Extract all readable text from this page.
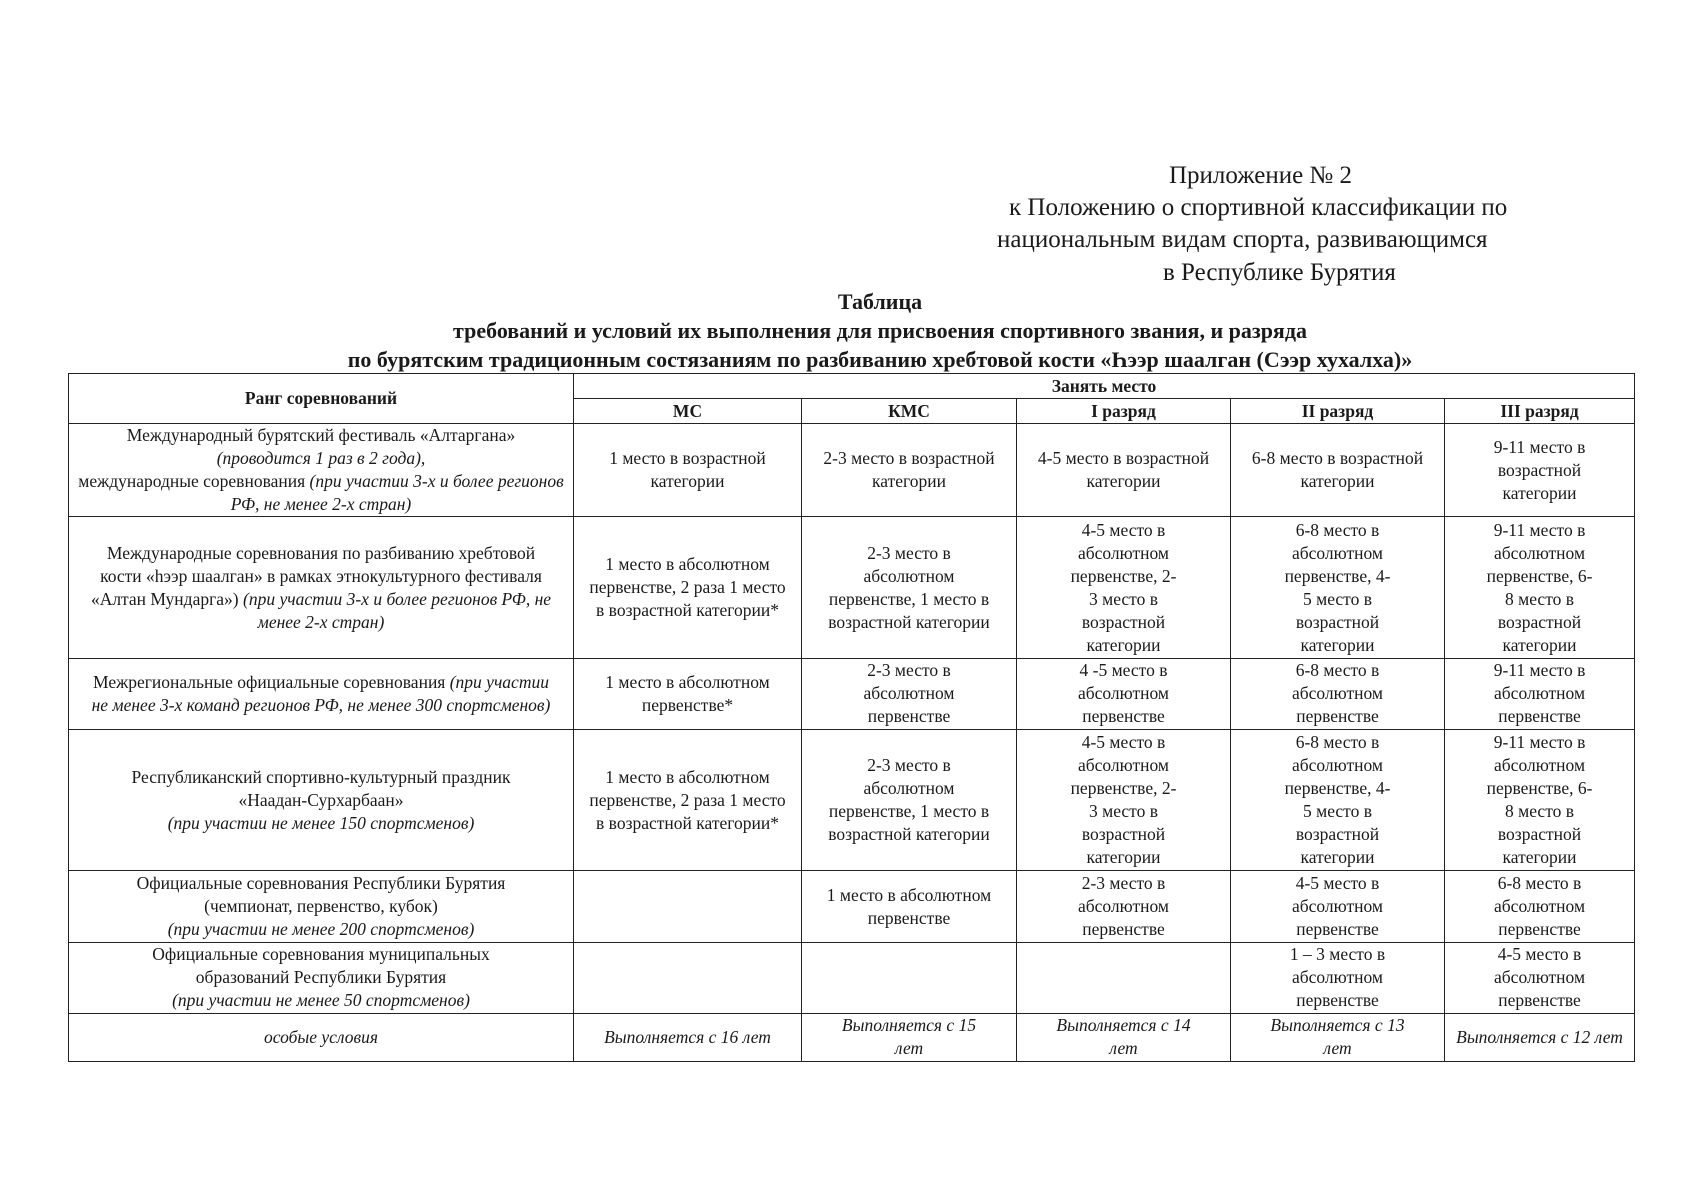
Приложение № 2
к Положению о спортивной классификации по
национальным видам спорта, развивающимся
в Республике Бурятия
Таблица
требований и условий их выполнения для присвоения спортивного звания, и разряда
по бурятским традиционным состязаниям по разбиванию хребтовой кости «Һээр шаалган (Сээр хухалха)»
Ранг соревнований	Занять место				
	МС	КМС	I разряд	II разряд	III разряд
Международный бурятский фестиваль «Алтаргана»
(проводится 1 раз в 2 года),
международные соревнования (при участии 3-х и более регионов РФ, не менее 2-х стран)	1 место в возрастной категории	2-3 место в возрастной категории	4-5 место в возрастной категории	6-8 место в возрастной категории	9-11 место в возрастной категории
Международные соревнования по разбиванию хребтовой кости «һээр шаалган» в рамках этнокультурного фестиваля «Алтан Мундарга») (при участии 3-х и более регионов РФ, не менее 2-х стран)	1 место в абсолютном первенстве, 2 раза 1 место в возрастной категории*	2-3 место в абсолютном первенстве, 1 место в возрастной категории	4-5 место в абсолютном первенстве, 2-3 место в возрастной категории	6-8 место в абсолютном первенстве, 4-5 место в возрастной категории	9-11 место в абсолютном первенстве, 6-8 место в возрастной категории
Межрегиональные официальные соревнования (при участии не менее 3-х команд регионов РФ, не менее 300 спортсменов)	1 место в абсолютном первенстве*	2-3 место в абсолютном первенстве	4 -5 место в абсолютном первенстве	6-8 место в абсолютном первенстве	9-11 место в абсолютном первенстве
Республиканский спортивно-культурный праздник «Наадан-Сурхарбаан»
(при участии не менее 150 спортсменов)	1 место в абсолютном первенстве, 2 раза 1 место в возрастной категории*	2-3 место в абсолютном первенстве, 1 место в возрастной категории	4-5 место в абсолютном первенстве, 2-3 место в возрастной категории	6-8 место в абсолютном первенстве, 4-5 место в возрастной категории	9-11 место в абсолютном первенстве, 6-8 место в возрастной категории
Официальные соревнования Республики Бурятия (чемпионат, первенство, кубок)
(при участии не менее 200 спортсменов)		1 место в абсолютном первенстве	2-3 место в абсолютном первенстве	4-5 место в абсолютном первенстве	6-8 место в абсолютном первенстве
Официальные соревнования муниципальных образований Республики Бурятия
(при участии не менее 50 спортсменов)				1 – 3 место в абсолютном первенстве	4-5 место в абсолютном первенстве
особые условия	Выполняется с 16 лет	Выполняется с 15 лет	Выполняется с 14 лет	Выполняется с 13 лет	Выполняется с 12 лет
